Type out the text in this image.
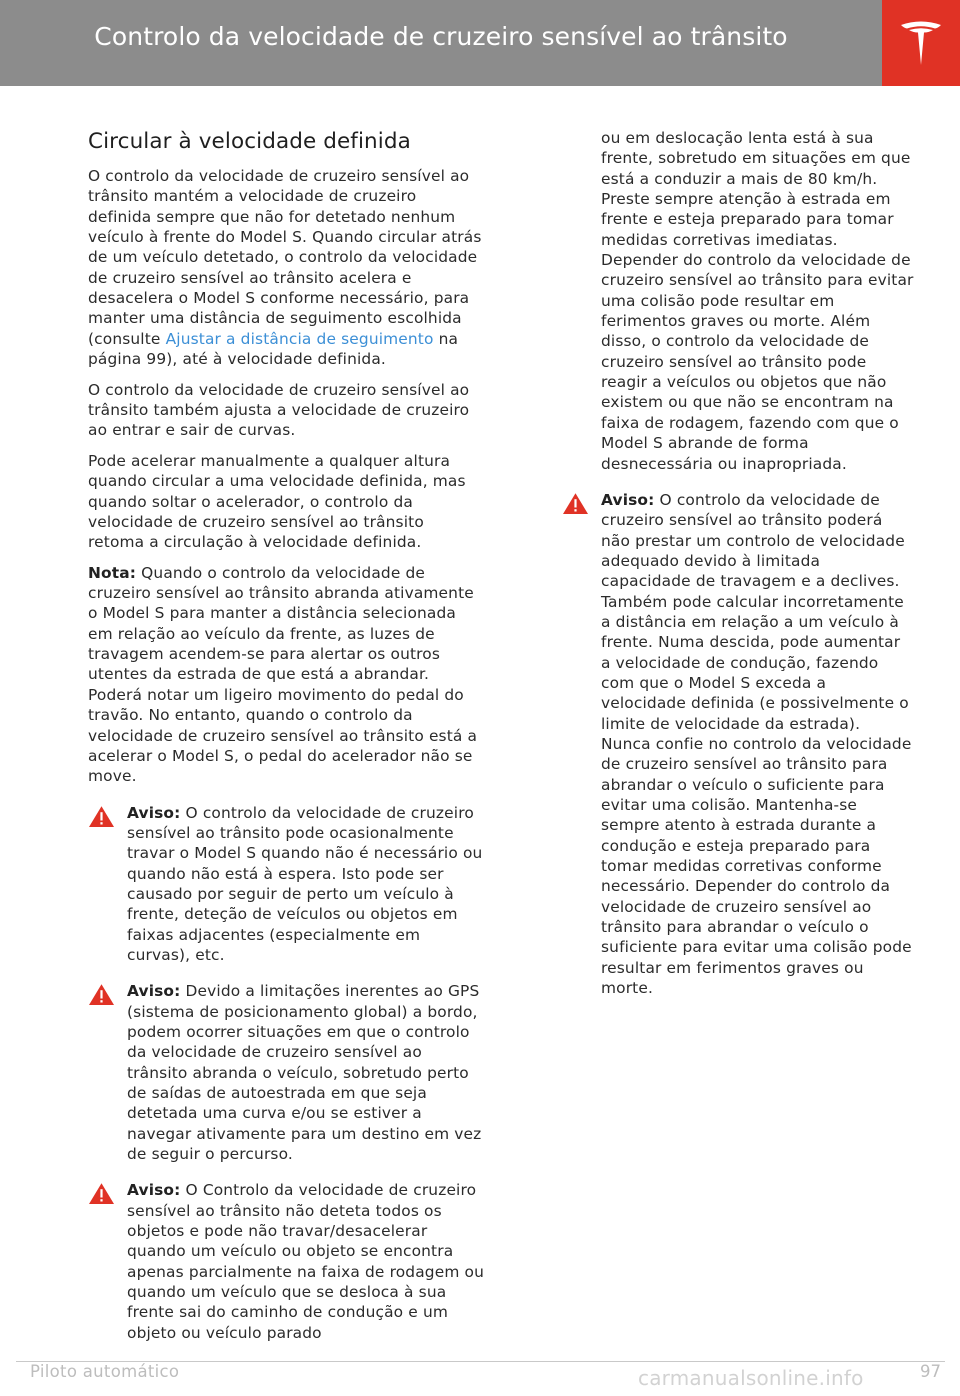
Controlo da velocidade de cruzeiro sensível ao trânsito
Circular à velocidade definida

O controlo da velocidade de cruzeiro sensível ao trânsito mantém a velocidade de cruzeiro definida sempre que não for detetado nenhum veículo à frente do Model S. Quando circular atrás de um veículo detetado, o controlo da velocidade de cruzeiro sensível ao trânsito acelera e desacelera o Model S conforme necessário, para manter uma distância de seguimento escolhida (consulte Ajustar a distância de seguimento na página 99), até à velocidade definida.

O controlo da velocidade de cruzeiro sensível ao trânsito também ajusta a velocidade de cruzeiro ao entrar e sair de curvas.

Pode acelerar manualmente a qualquer altura quando circular a uma velocidade definida, mas quando soltar o acelerador, o controlo da velocidade de cruzeiro sensível ao trânsito retoma a circulação à velocidade definida.

Nota: Quando o controlo da velocidade de cruzeiro sensível ao trânsito abranda ativamente o Model S para manter a distância selecionada em relação ao veículo da frente, as luzes de travagem acendem-se para alertar os outros utentes da estrada de que está a abrandar. Poderá notar um ligeiro movimento do pedal do travão. No entanto, quando o controlo da velocidade de cruzeiro sensível ao trânsito está a acelerar o Model S, o pedal do acelerador não se move.

Aviso: O controlo da velocidade de cruzeiro sensível ao trânsito pode ocasionalmente travar o Model S quando não é necessário ou quando não está à espera. Isto pode ser causado por seguir de perto um veículo à frente, deteção de veículos ou objetos em faixas adjacentes (especialmente em curvas), etc.
Aviso: Devido a limitações inerentes ao GPS (sistema de posicionamento global) a bordo, podem ocorrer situações em que o controlo da velocidade de cruzeiro sensível ao trânsito abranda o veículo, sobretudo perto de saídas de autoestrada em que seja detetada uma curva e/ou se estiver a navegar ativamente para um destino em vez de seguir o percurso.
Aviso: O Controlo da velocidade de cruzeiro sensível ao trânsito não deteta todos os objetos e pode não travar/desacelerar quando um veículo ou objeto se encontra apenas parcialmente na faixa de rodagem ou quando um veículo que se desloca à sua frente sai do caminho de condução e um objeto ou veículo parado
ou em deslocação lenta está à sua frente, sobretudo em situações em que está a conduzir a mais de 80 km/h. Preste sempre atenção à estrada em frente e esteja preparado para tomar medidas corretivas imediatas. Depender do controlo da velocidade de cruzeiro sensível ao trânsito para evitar uma colisão pode resultar em ferimentos graves ou morte. Além disso, o controlo da velocidade de cruzeiro sensível ao trânsito pode reagir a veículos ou objetos que não existem ou que não se encontram na faixa de rodagem, fazendo com que o Model S abrande de forma desnecessária ou inapropriada.
Aviso: O controlo da velocidade de cruzeiro sensível ao trânsito poderá não prestar um controlo de velocidade adequado devido à limitada capacidade de travagem e a declives. Também pode calcular incorretamente a distância em relação a um veículo à frente. Numa descida, pode aumentar a velocidade de condução, fazendo com que o Model S exceda a velocidade definida (e possivelmente o limite de velocidade da estrada). Nunca confie no controlo da velocidade de cruzeiro sensível ao trânsito para abrandar o veículo o suficiente para evitar uma colisão. Mantenha-se sempre atento à estrada durante a condução e esteja preparado para tomar medidas corretivas conforme necessário. Depender do controlo da velocidade de cruzeiro sensível ao trânsito para abrandar o veículo o suficiente para evitar uma colisão pode resultar em ferimentos graves ou morte.
Piloto automático	carmanualsonline.info	97
